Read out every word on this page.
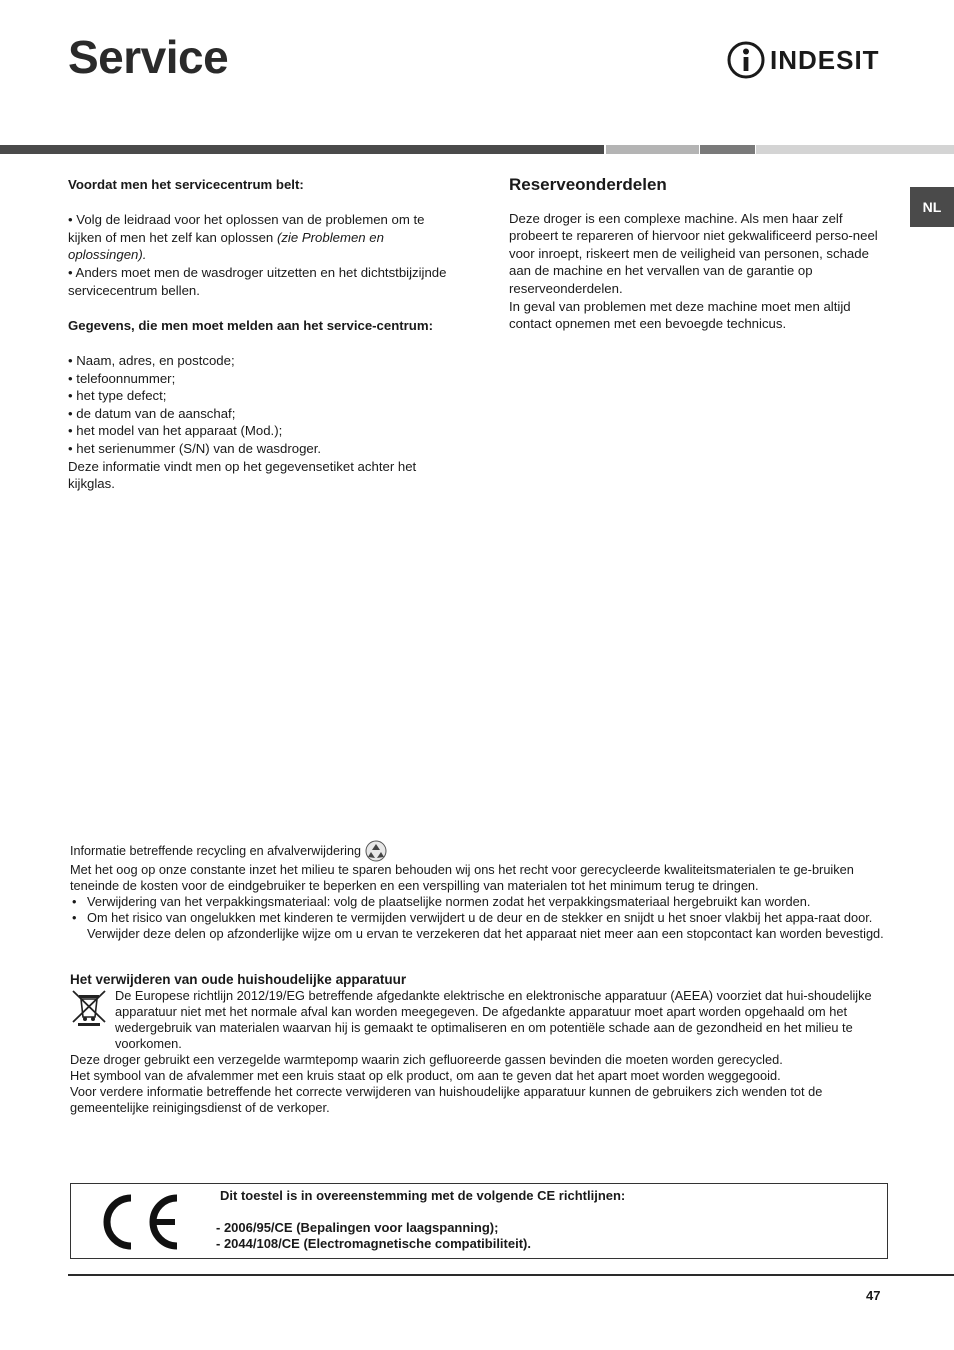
Service	INDESIT
NL

Voordat men het servicecentrum belt:

• Volg de leidraad voor het oplossen van de problemen om te kijken of men het zelf kan oplossen (zie Problemen en oplossingen).

• Anders moet men de wasdroger uitzetten en het dichtstbijzijnde servicecentrum bellen.

Gegevens, die men moet melden aan het service-centrum:

• Naam, adres, en postcode;

• telefoonnummer;

• het type defect;

• de datum van de aanschaf;

• het model van het apparaat (Mod.);

• het serienummer (S/N) van de wasdroger.

Deze informatie vindt men op het gegevensetiket achter het kijkglas.

Reserveonderdelen

Deze droger is een complexe machine. Als men haar zelf probeert te repareren of hiervoor niet gekwalificeerd perso-neel voor inroept, riskeert men de veiligheid van personen, schade aan de machine en het vervallen van de garantie op reserveonderdelen.

In geval van problemen met deze machine moet men altijd contact opnemen met een bevoegde technicus.

Informatie betreffende recycling en afvalverwijdering

Met het oog op onze constante inzet het milieu te sparen behouden wij ons het recht voor gerecycleerde kwaliteitsmaterialen te ge-bruiken teneinde de kosten voor de eindgebruiker te beperken en een verspilling van materialen tot het minimum terug te dringen.

• Verwijdering van het verpakkingsmateriaal: volg de plaatselijke normen zodat het verpakkingsmateriaal hergebruikt kan worden.
• Om het risico van ongelukken met kinderen te vermijden verwijdert u de deur en de stekker en snijdt u het snoer vlakbij het appa-raat door. Verwijder deze delen op afzonderlijke wijze om u ervan te verzekeren dat het apparaat niet meer aan een stopcontact kan worden bevestigd.
Het verwijderen van oude huishoudelijke apparatuur

De Europese richtlijn 2012/19/EG betreffende afgedankte elektrische en elektronische apparatuur (AEEA) voorziet dat hui-shoudelijke apparatuur niet met het normale afval kan worden meegegeven. De afgedankte apparatuur moet apart worden opgehaald om het wedergebruik van materialen waarvan hij is gemaakt te optimaliseren en om potentiële schade aan de gezondheid en het milieu te voorkomen.

Deze droger gebruikt een verzegelde warmtepomp waarin zich gefluoreerde gassen bevinden die moeten worden gerecycled.

Het symbool van de afvalemmer met een kruis staat op elk product, om aan te geven dat het apart moet worden weggegooid.

Voor verdere informatie betreffende het correcte verwijderen van huishoudelijke apparatuur kunnen de gebruikers zich wenden tot de gemeentelijke reinigingsdienst of de verkoper.

Dit toestel is in overeenstemming met de volgende CE richtlijnen:
- 2006/95/CE (Bepalingen voor laagspanning);
- 2044/108/CE (Electromagnetische compatibiliteit).
47
